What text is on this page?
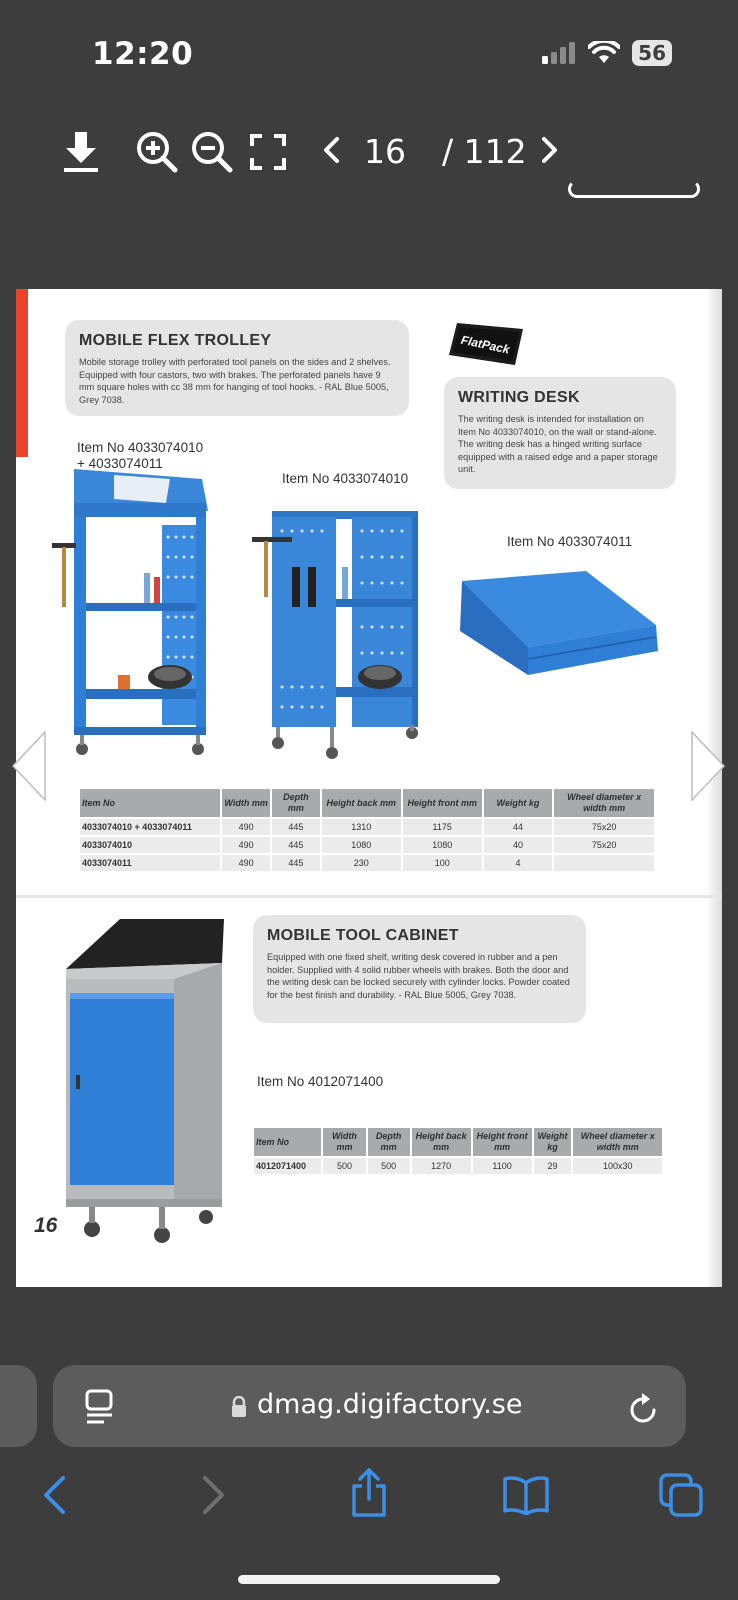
12:20	56
16 / 112
MOBILE FLEX TROLLEY

Mobile storage trolley with perforated tool panels on the sides and 2 shelves. Equipped with four castors, two with brakes. The perforated panels have 9 mm square holes with cc 38 mm for hanging of tool hooks. - RAL Blue 5005, Grey 7038.

FlatPack
WRITING DESK

The writing desk is intended for installation on Item No 4033074010, on the wall or stand-alone. The writing desk has a hinged writing surface equipped with a raised edge and a paper storage unit.

Item No 4033074010
+ 4033074011
Item No 4033074010
Item No 4033074011
Item No	Width mm	Depth mm	Height back mm	Height front mm	Weight kg	Wheel diameter x width mm
4033074010 + 4033074011	490	445	1310	1175	44	75x20
4033074010	490	445	1080	1080	40	75x20
4033074011	490	445	230	100	4	
MOBILE TOOL CABINET

Equipped with one fixed shelf, writing desk covered in rubber and a pen holder. Supplied with 4 solid rubber wheels with brakes. Both the door and the writing desk can be locked securely with cylinder locks. Powder coated for the best finish and durability. - RAL Blue 5005, Grey 7038.

Item No 4012071400
Item No	Width mm	Depth mm	Height back mm	Height front mm	Weight kg	Wheel diameter x width mm
4012071400	500	500	1270	1100	29	100x30
16
dmag.digifactory.se
